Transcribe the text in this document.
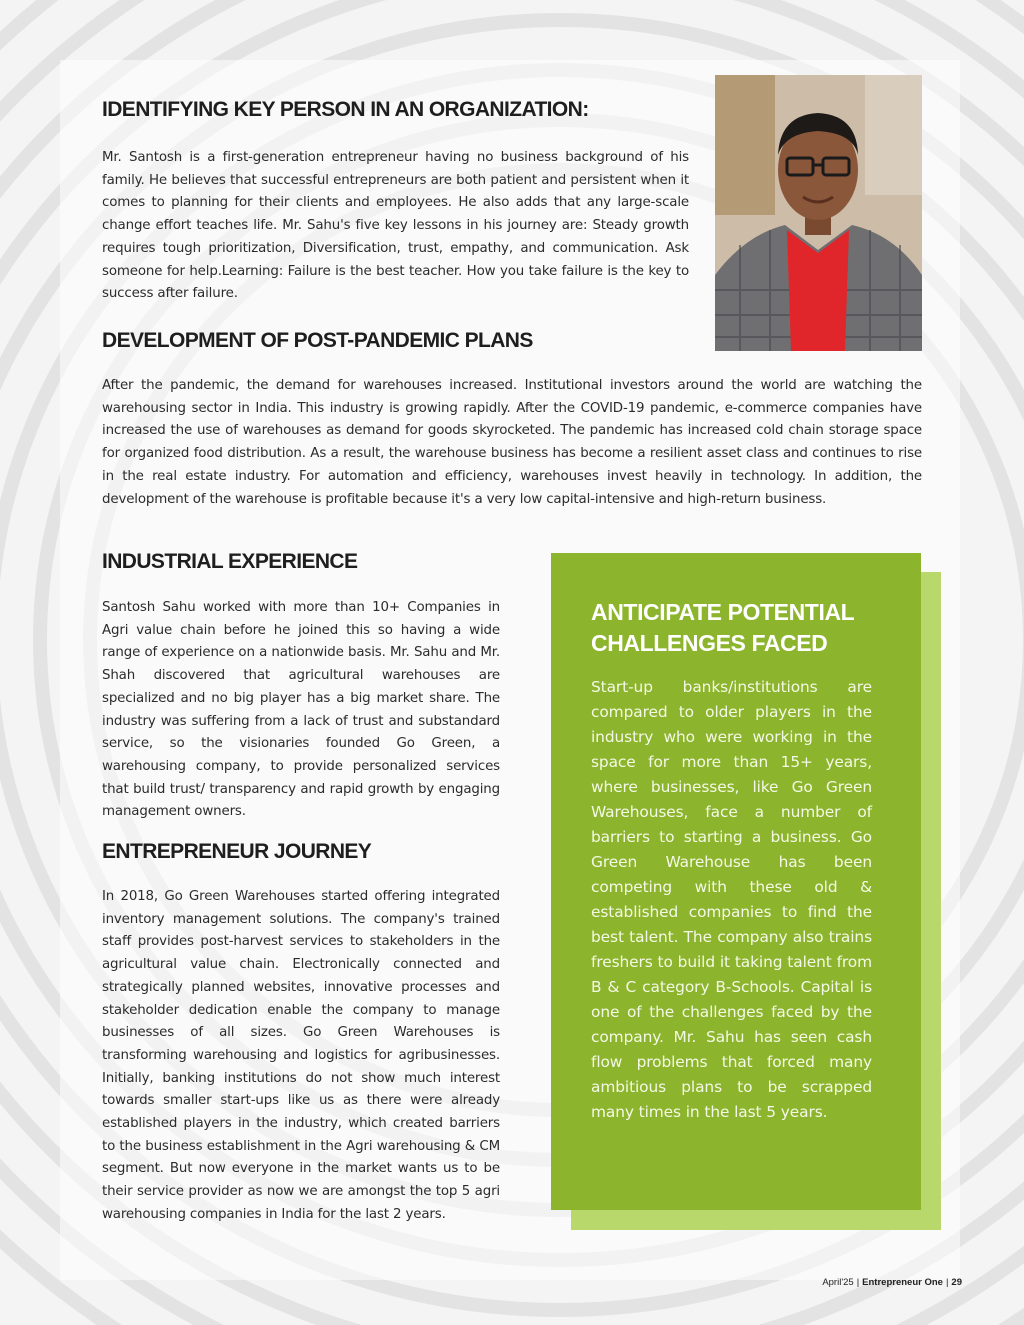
IDENTIFYING KEY PERSON IN AN ORGANIZATION:

Mr. Santosh is a first-generation entrepreneur having no business background of his family. He believes that successful entrepreneurs are both patient and persistent when it comes to planning for their clients and employees. He also adds that any large-scale change effort teaches life. Mr. Sahu's five key lessons in his journey are: Steady growth requires tough prioritization, Diversification, trust, empathy, and communication. Ask someone for help.Learning: Failure is the best teacher. How you take failure is the key to success after failure.

DEVELOPMENT OF POST-PANDEMIC PLANS

After the pandemic, the demand for warehouses increased. Institutional investors around the world are watching the warehousing sector in India. This industry is growing rapidly. After the COVID-19 pandemic, e-commerce companies have increased the use of warehouses as demand for goods skyrocketed. The pandemic has increased cold chain storage space for organized food distribution. As a result, the warehouse business has become a resilient asset class and continues to rise in the real estate industry. For automation and efficiency, warehouses invest heavily in technology. In addition, the development of the warehouse is profitable because it's a very low capital-intensive and high-return business.

INDUSTRIAL EXPERIENCE

Santosh Sahu worked with more than 10+ Companies in Agri value chain before he joined this so having a wide range of experience on a nationwide basis. Mr. Sahu and Mr. Shah discovered that agricultural warehouses are specialized and no big player has a big market share. The industry was suffering from a lack of trust and substandard service, so the visionaries founded Go Green, a warehousing company, to provide personalized services that build trust/ transparency and rapid growth by engaging management owners.

ENTREPRENEUR JOURNEY

In 2018, Go Green Warehouses started offering integrated inventory management solutions. The company's trained staff provides post-harvest services to stakeholders in the agricultural value chain. Electronically connected and strategically planned websites, innovative processes and stakeholder dedication enable the company to manage businesses of all sizes. Go Green Warehouses is transforming warehousing and logistics for agribusinesses. Initially, banking institutions do not show much interest towards smaller start-ups like us as there were already established players in the industry, which created barriers to the business establishment in the Agri warehousing & CM segment. But now everyone in the market wants us to be their service provider as now we are amongst the top 5 agri warehousing companies in India for the last 2 years.

ANTICIPATE POTENTIAL CHALLENGES FACED

Start-up banks/institutions are compared to older players in the industry who were working in the space for more than 15+ years, where businesses, like Go Green Warehouses, face a number of barriers to starting a business. Go Green Warehouse has been competing with these old & established companies to find the best talent. The company also trains freshers to build it taking talent from B & C category B-Schools. Capital is one of the challenges faced by the company. Mr. Sahu has seen cash flow problems that forced many ambitious plans to be scrapped many times in the last 5 years.

April'25 | Entrepreneur One | 29
